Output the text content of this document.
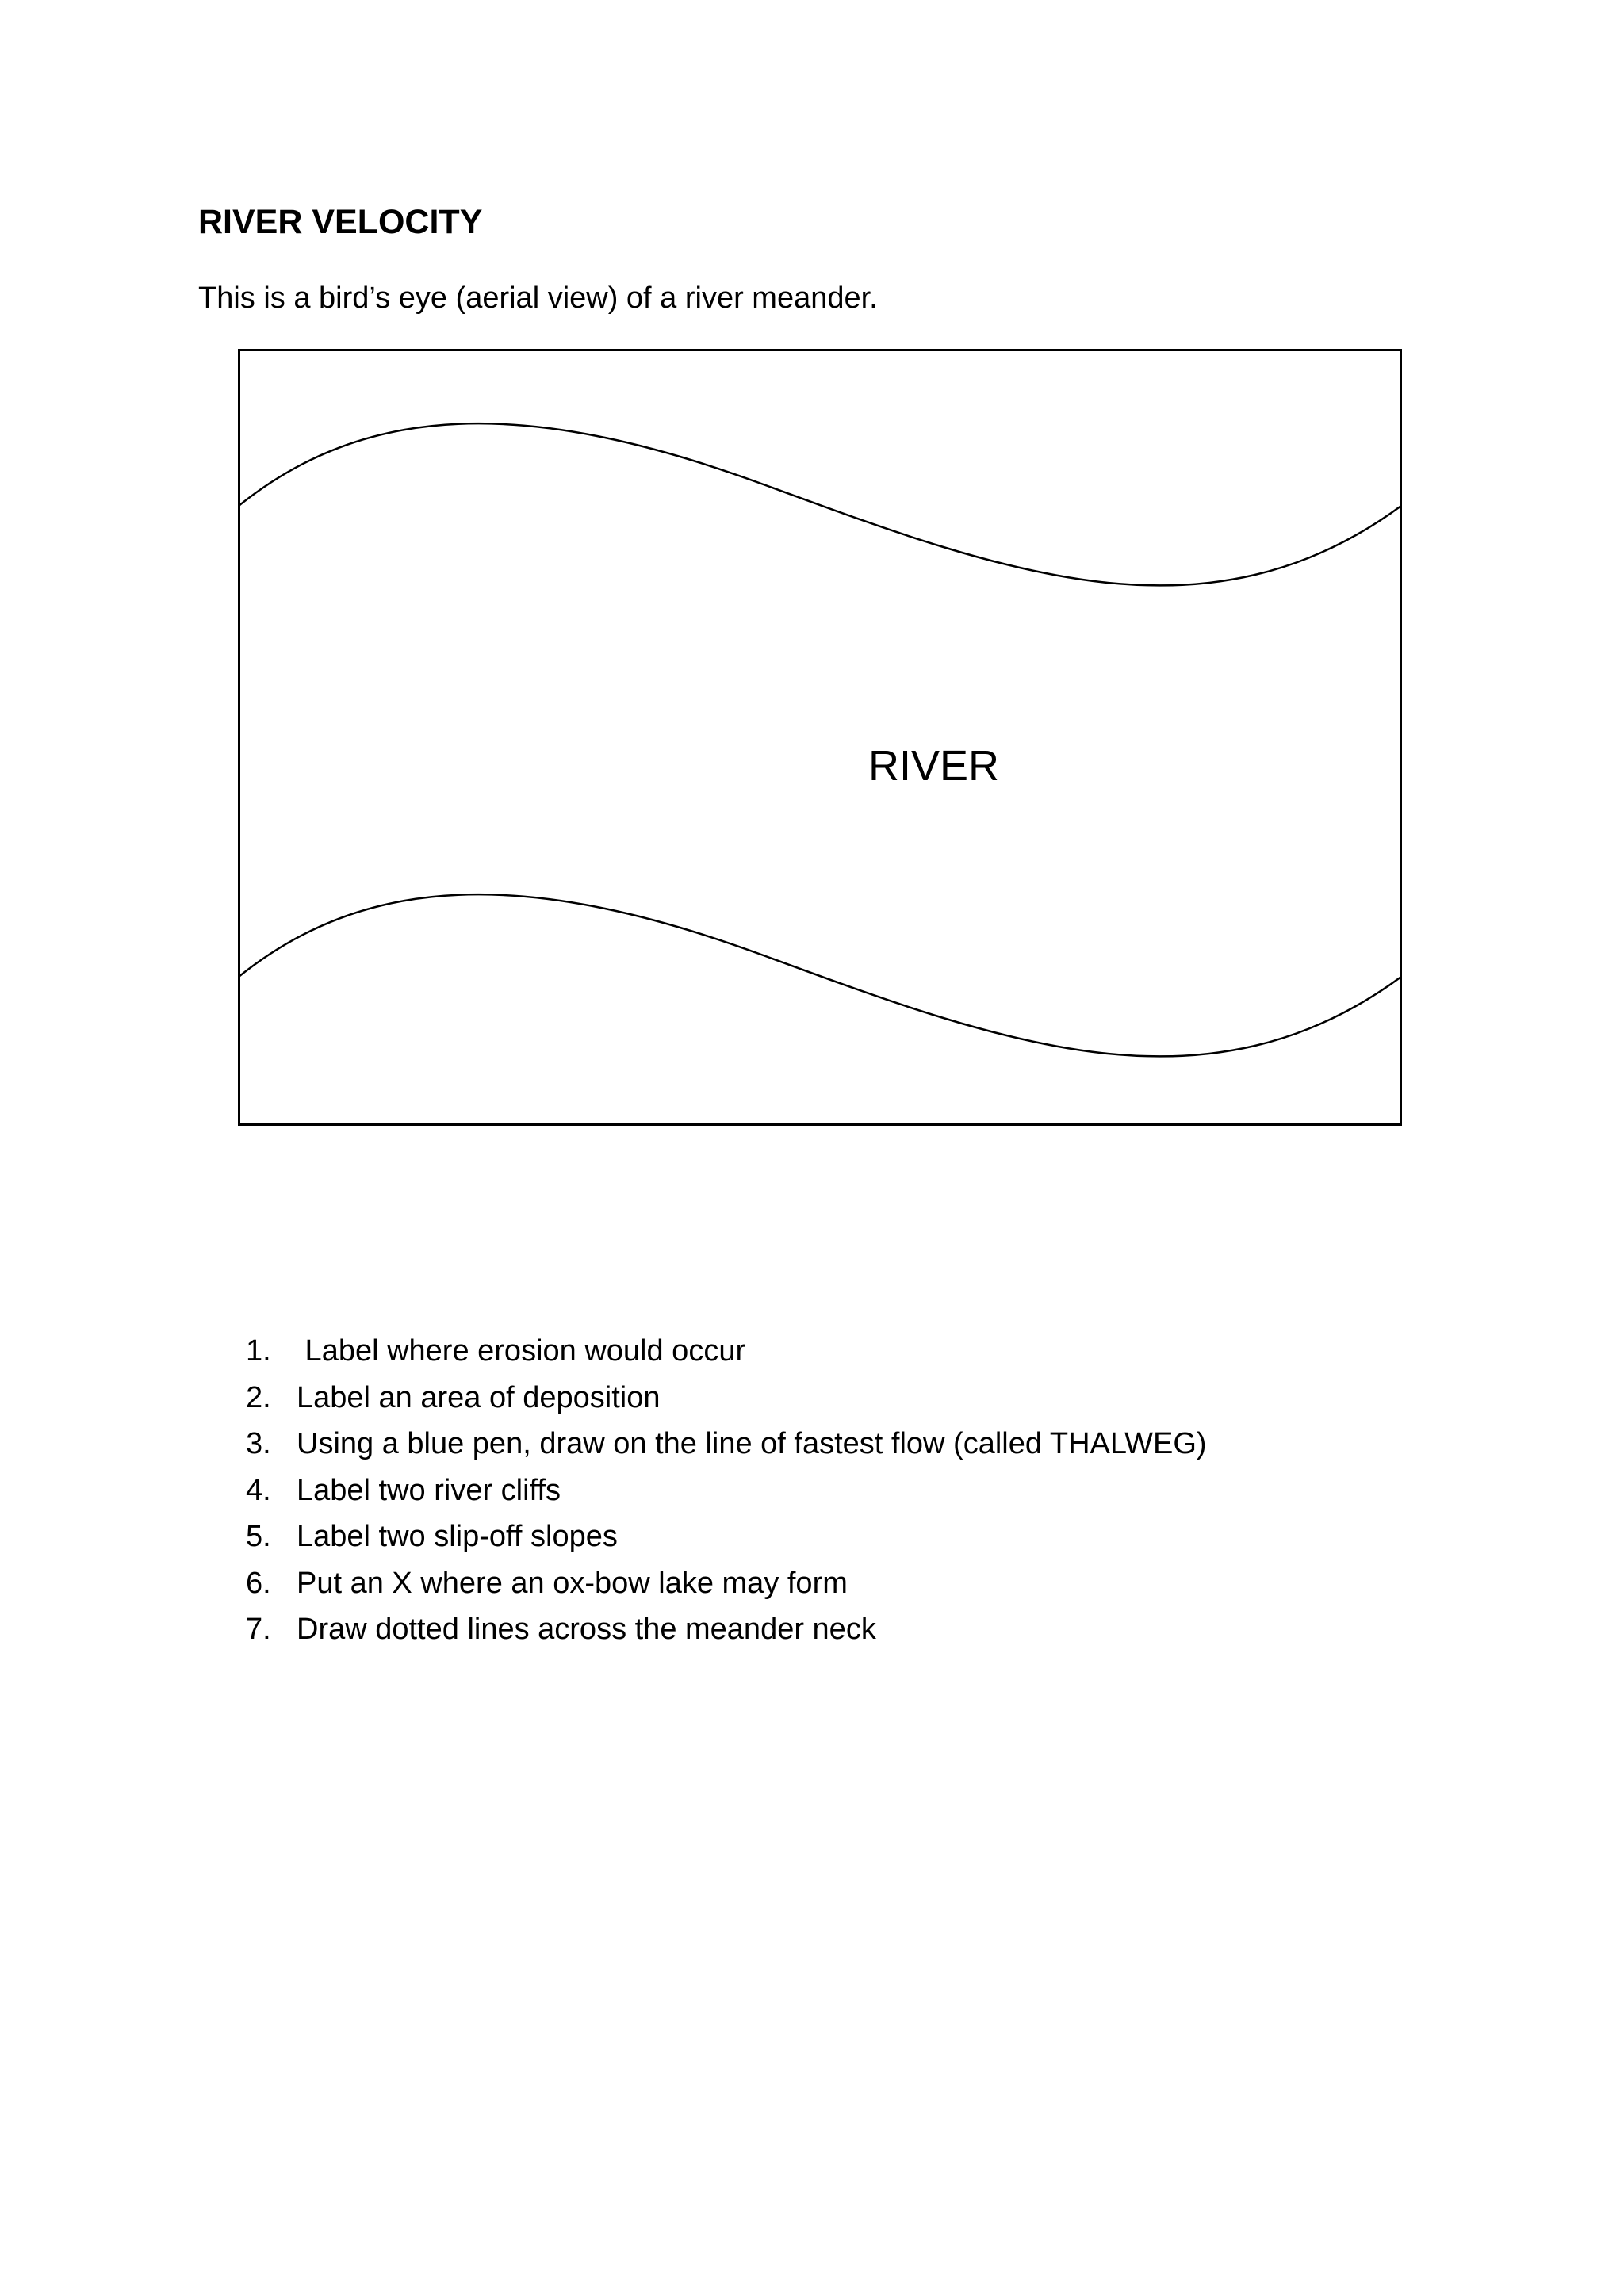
RIVER VELOCITY

This is a bird’s eye (aerial view) of a river meander.

RIVER
1. Label where erosion would occur
2. Label an area of deposition
3. Using a blue pen, draw on the line of fastest flow (called THALWEG)
4. Label two river cliffs
5. Label two slip-off slopes
6. Put an X where an ox-bow lake may form
7. Draw dotted lines across the meander neck
